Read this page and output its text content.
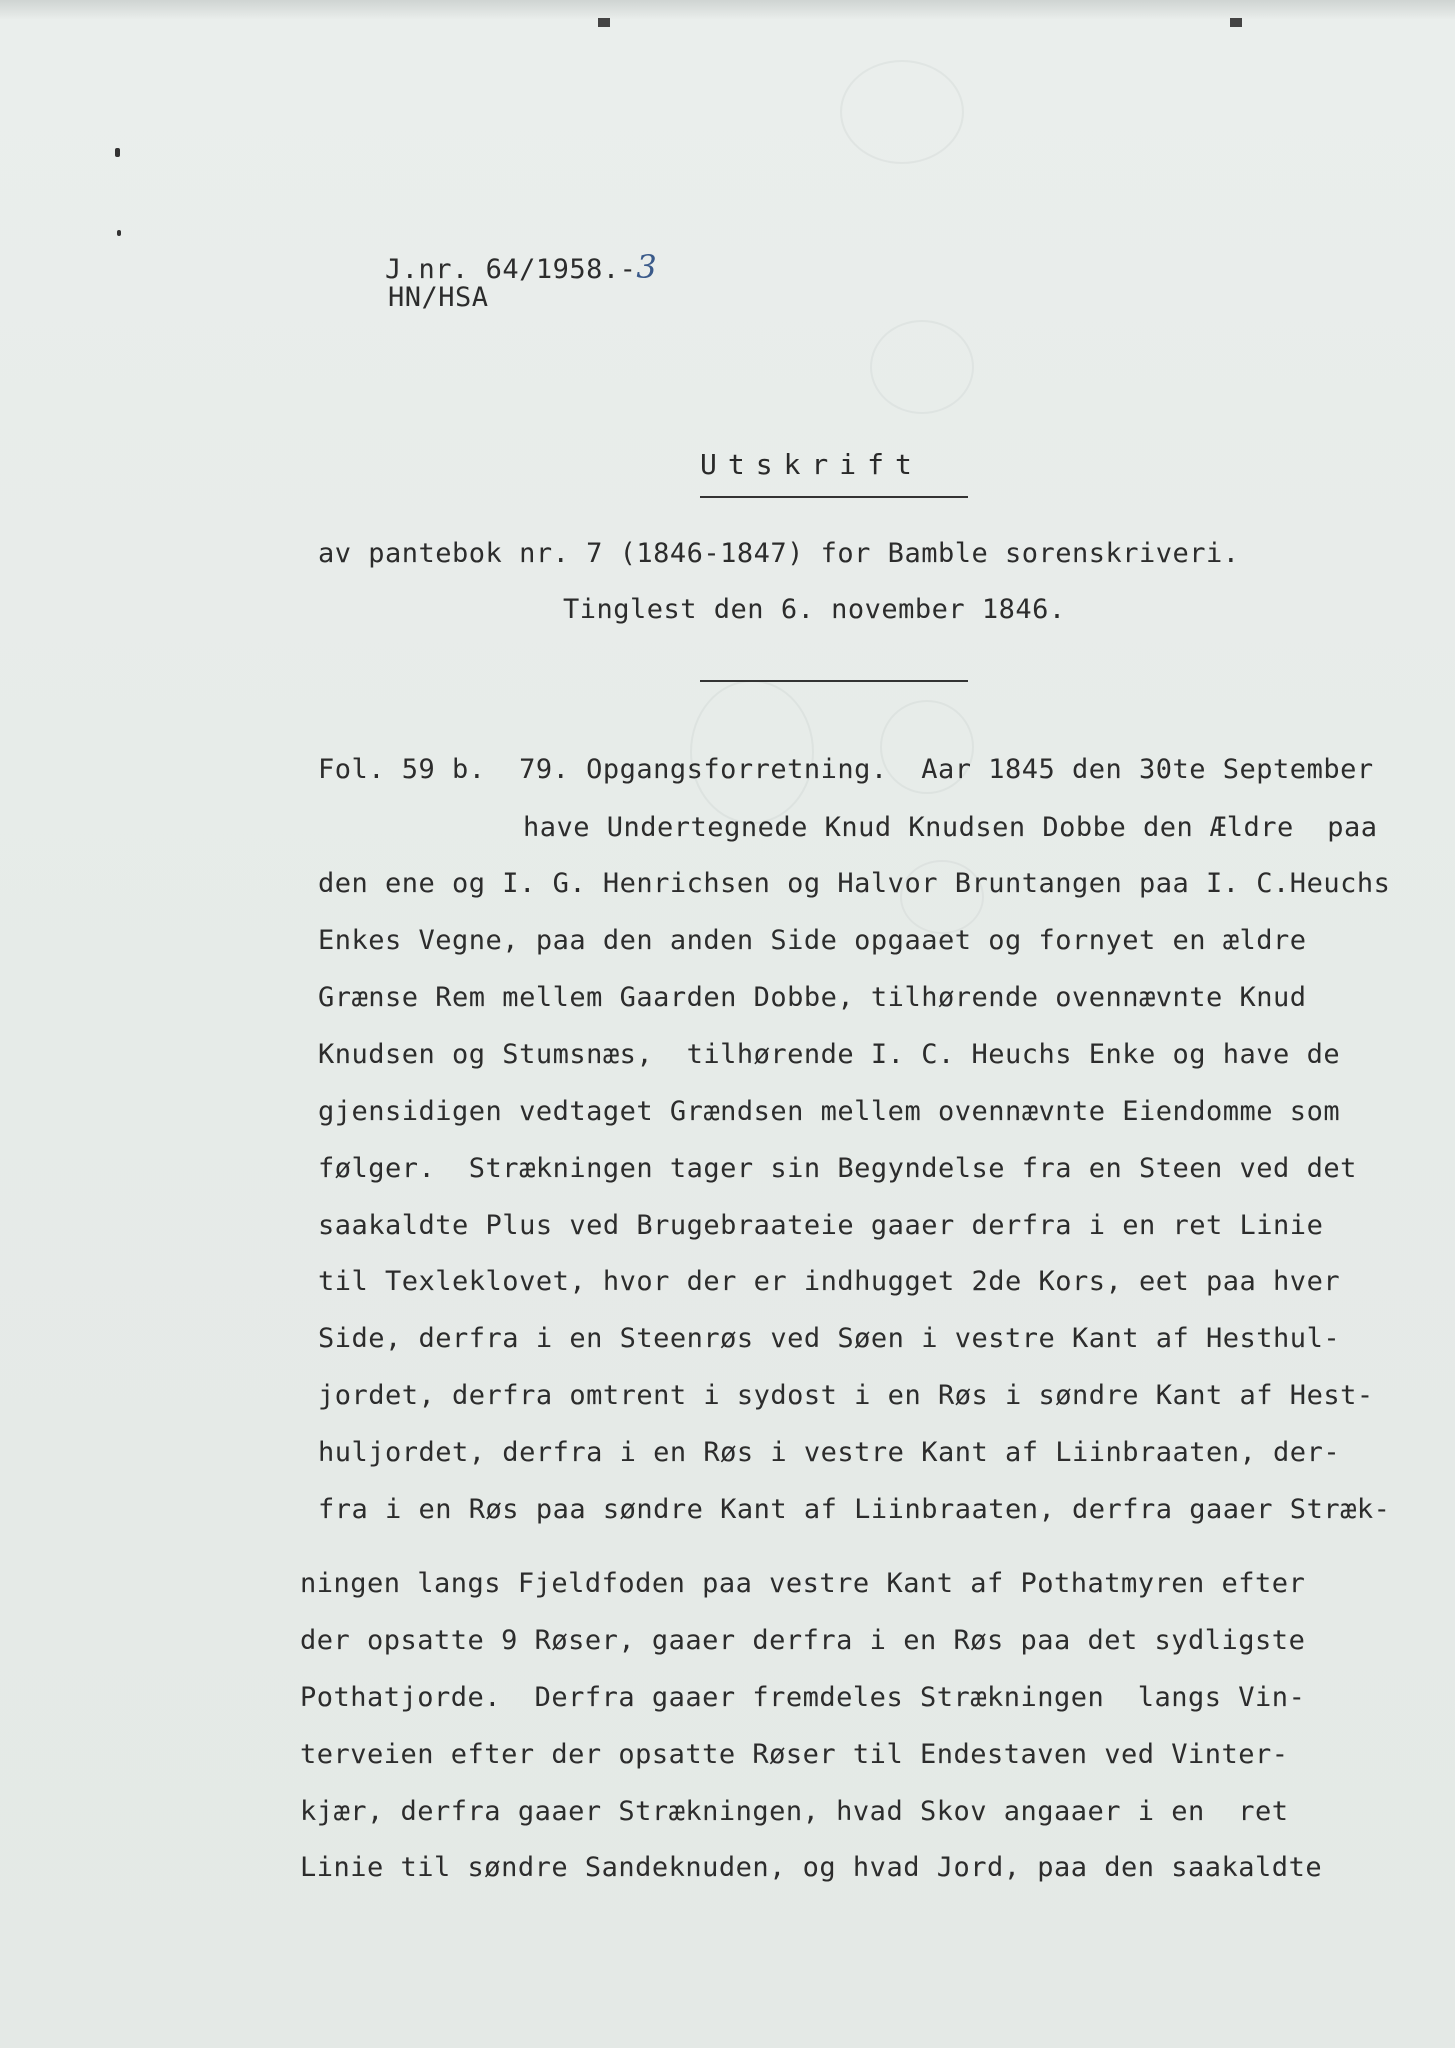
J.nr. 64/1958.-3

HN/HSA
Utskrift
av pantebok nr. 7 (1846-1847) for Bamble sorenskriveri.
Tinglest den 6. november 1846.
Fol. 59 b.  79. Opgangsforretning.  Aar 1845 den 30te September
have Undertegnede Knud Knudsen Dobbe den Ældre  paa
den ene og I. G. Henrichsen og Halvor Bruntangen paa I. C.Heuchs
Enkes Vegne, paa den anden Side opgaaet og fornyet en ældre
Grænse Rem mellem Gaarden Dobbe, tilhørende ovennævnte Knud
Knudsen og Stumsnæs,  tilhørende I. C. Heuchs Enke og have de
gjensidigen vedtaget Grændsen mellem ovennævnte Eiendomme som
følger.  Strækningen tager sin Begyndelse fra en Steen ved det
saakaldte Plus ved Brugebraateie gaaer derfra i en ret Linie
til Texleklovet, hvor der er indhugget 2de Kors, eet paa hver
Side, derfra i en Steenrøs ved Søen i vestre Kant af Hesthul-
jordet, derfra omtrent i sydost i en Røs i søndre Kant af Hest-
huljordet, derfra i en Røs i vestre Kant af Liinbraaten, der-
fra i en Røs paa søndre Kant af Liinbraaten, derfra gaaer Stræk-
ningen langs Fjeldfoden paa vestre Kant af Pothatmyren efter
der opsatte 9 Røser, gaaer derfra i en Røs paa det sydligste
Pothatjorde.  Derfra gaaer fremdeles Strækningen  langs Vin-
terveien efter der opsatte Røser til Endestaven ved Vinter-
kjær, derfra gaaer Strækningen, hvad Skov angaaer i en  ret
Linie til søndre Sandeknuden, og hvad Jord, paa den saakaldte
